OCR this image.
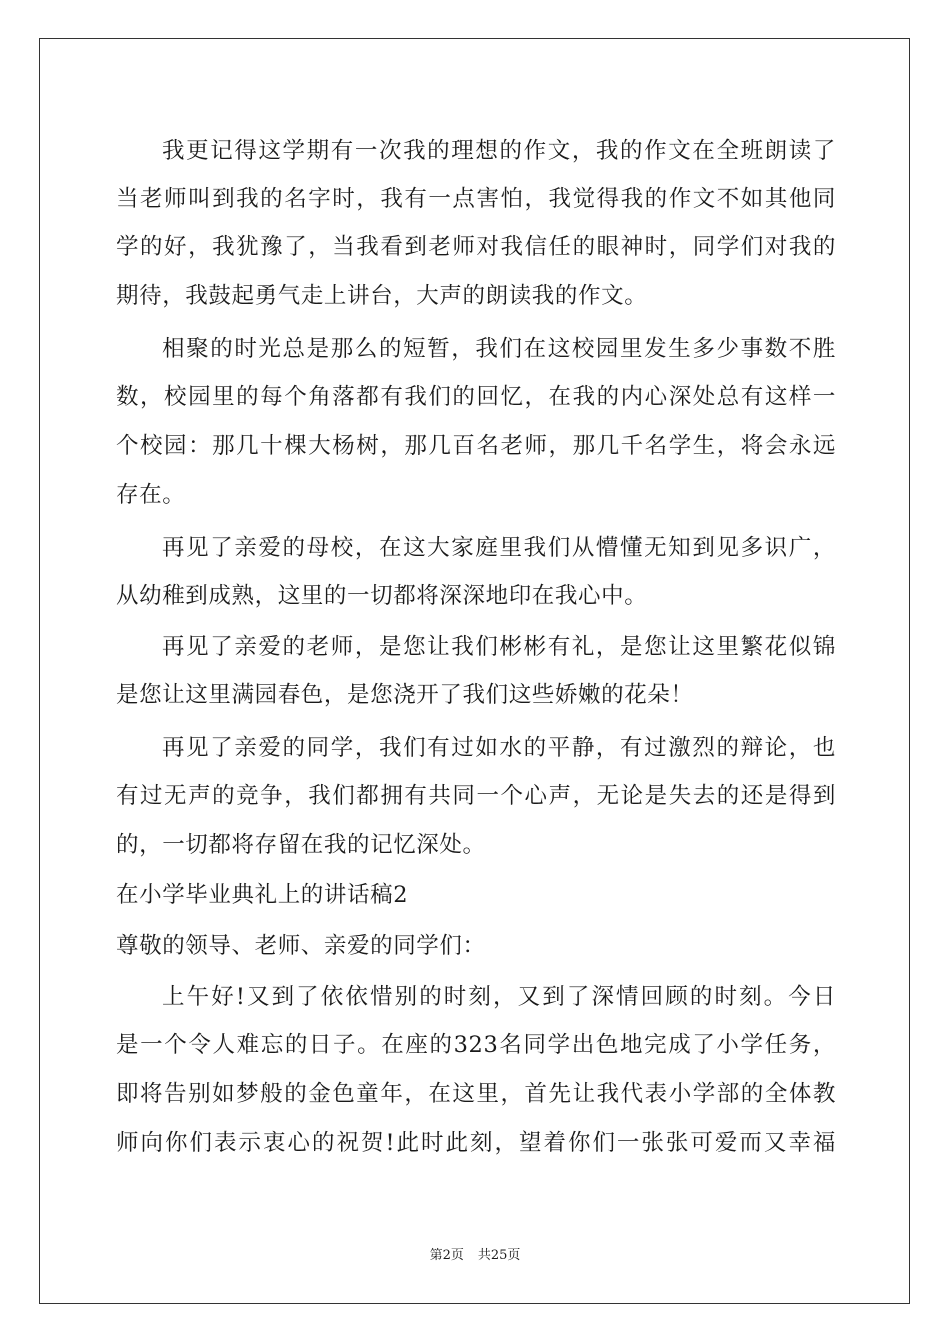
我更记得这学期有一次我的理想的作文，我的作文在全班朗读了
当老师叫到我的名字时，我有一点害怕，我觉得我的作文不如其他同
学的好，我犹豫了，当我看到老师对我信任的眼神时，同学们对我的
期待，我鼓起勇气走上讲台，大声的朗读我的作文。
相聚的时光总是那么的短暂，我们在这校园里发生多少事数不胜
数，校园里的每个角落都有我们的回忆，在我的内心深处总有这样一
个校园：那几十棵大杨树，那几百名老师，那几千名学生，将会永远
存在。
再见了亲爱的母校，在这大家庭里我们从懵懂无知到见多识广，
从幼稚到成熟，这里的一切都将深深地印在我心中。
再见了亲爱的老师，是您让我们彬彬有礼，是您让这里繁花似锦
是您让这里满园春色，是您浇开了我们这些娇嫩的花朵！
再见了亲爱的同学，我们有过如水的平静，有过激烈的辩论，也
有过无声的竞争，我们都拥有共同一个心声，无论是失去的还是得到
的，一切都将存留在我的记忆深处。
在小学毕业典礼上的讲话稿2
尊敬的领导、老师、亲爱的同学们：
上午好!又到了依依惜别的时刻，又到了深情回顾的时刻。今日
是一个令人难忘的日子。在座的323名同学出色地完成了小学任务，
即将告别如梦般的金色童年，在这里，首先让我代表小学部的全体教
师向你们表示衷心的祝贺!此时此刻，望着你们一张张可爱而又幸福
第2页 共25页
